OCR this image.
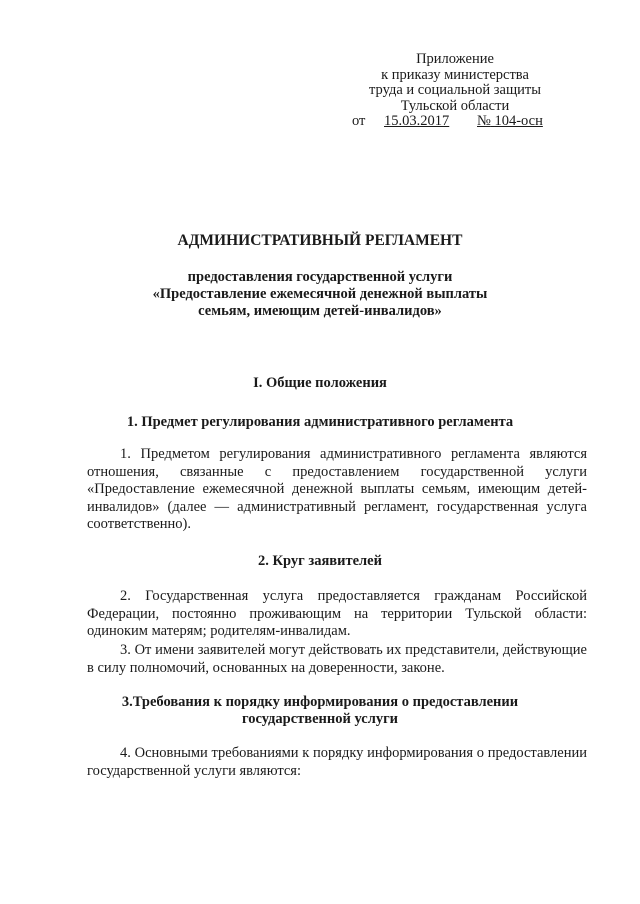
Приложение
к приказу министерства
труда и социальной защиты
Тульской области
от 15.03.2017 № 104-осн
АДМИНИСТРАТИВНЫЙ РЕГЛАМЕНТ
предоставления государственной услуги
«Предоставление ежемесячной денежной выплаты
семьям, имеющим детей-инвалидов»
I. Общие положения
1. Предмет регулирования административного регламента
1. Предметом регулирования административного регламента являются отношения, связанные с предоставлением государственной услуги «Предоставление ежемесячной денежной выплаты семьям, имеющим детей-инвалидов» (далее — административный регламент, государственная услуга соответственно).
2. Круг заявителей
2. Государственная услуга предоставляется гражданам Российской Федерации, постоянно проживающим на территории Тульской области: одиноким матерям; родителям-инвалидам.
3. От имени заявителей могут действовать их представители, действующие в силу полномочий, основанных на доверенности, законе.
3.Требования к порядку информирования о предоставлении
государственной услуги
4. Основными требованиями к порядку информирования о предоставлении государственной услуги являются:
